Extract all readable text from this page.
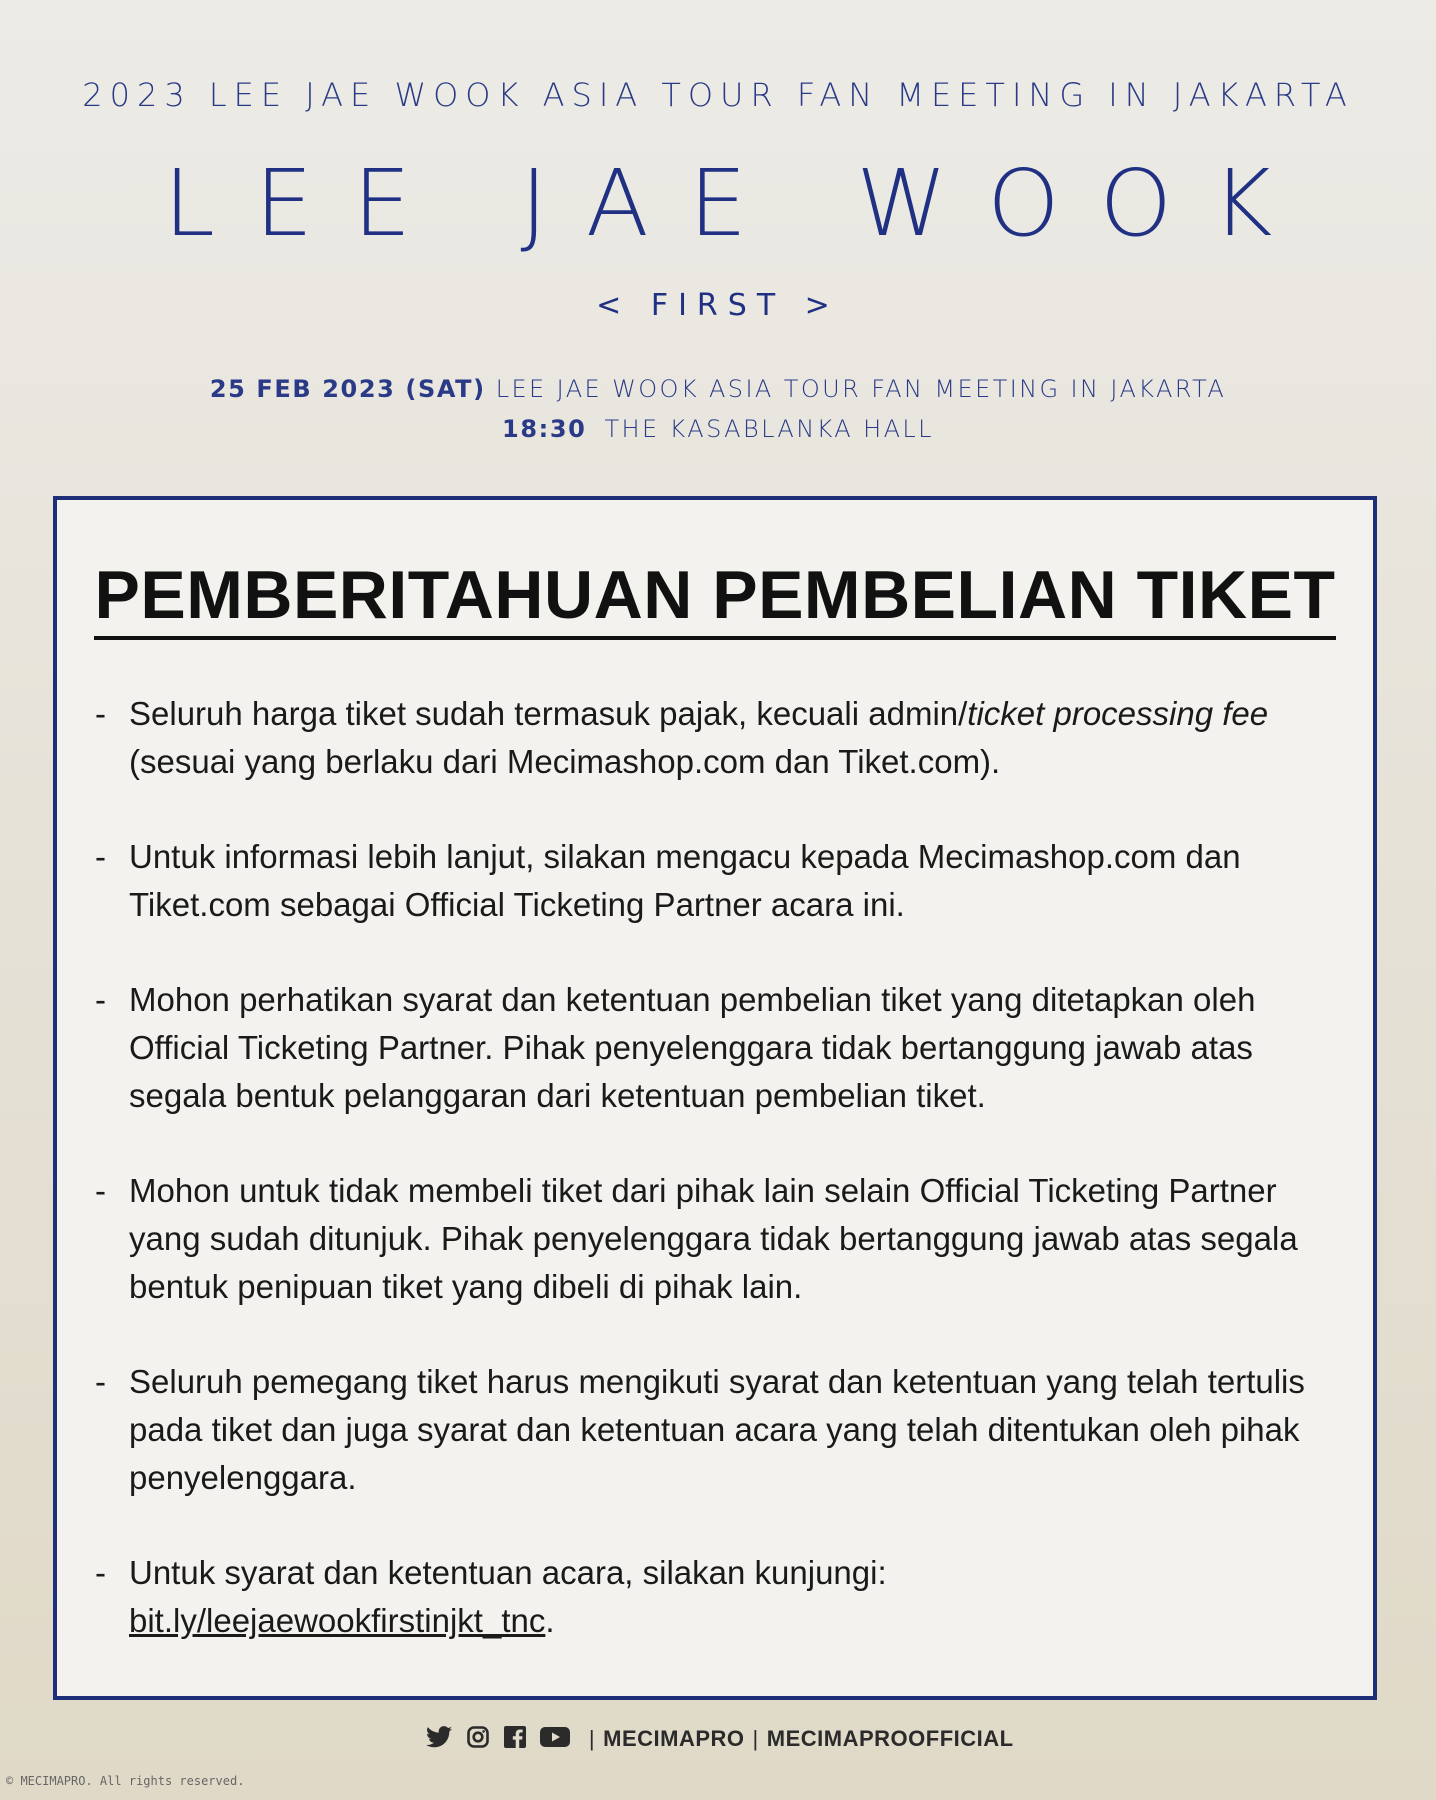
2023 LEE JAE WOOK ASIA TOUR FAN MEETING IN JAKARTA
LEE JAE WOOK
< FIRST >
25 FEB 2023 (SAT) LEE JAE WOOK ASIA TOUR FAN MEETING IN JAKARTA
18:30 THE KASABLANKA HALL
PEMBERITAHUAN PEMBELIAN TIKET
- Seluruh harga tiket sudah termasuk pajak, kecuali admin/ticket processing fee (sesuai yang berlaku dari Mecimashop.com dan Tiket.com).
- Untuk informasi lebih lanjut, silakan mengacu kepada Mecimashop.com dan Tiket.com sebagai Official Ticketing Partner acara ini.
- Mohon perhatikan syarat dan ketentuan pembelian tiket yang ditetapkan oleh Official Ticketing Partner. Pihak penyelenggara tidak bertanggung jawab atas segala bentuk pelanggaran dari ketentuan pembelian tiket.
- Mohon untuk tidak membeli tiket dari pihak lain selain Official Ticketing Partner yang sudah ditunjuk. Pihak penyelenggara tidak bertanggung jawab atas segala bentuk penipuan tiket yang dibeli di pihak lain.
- Seluruh pemegang tiket harus mengikuti syarat dan ketentuan yang telah tertulis pada tiket dan juga syarat dan ketentuan acara yang telah ditentukan oleh pihak penyelenggara.
- Untuk syarat dan ketentuan acara, silakan kunjungi:
bit.ly/leejaewookfirstinjkt_tnc.
| MECIMAPRO | MECIMAPROOFFICIAL
© MECIMAPRO. All rights reserved.
